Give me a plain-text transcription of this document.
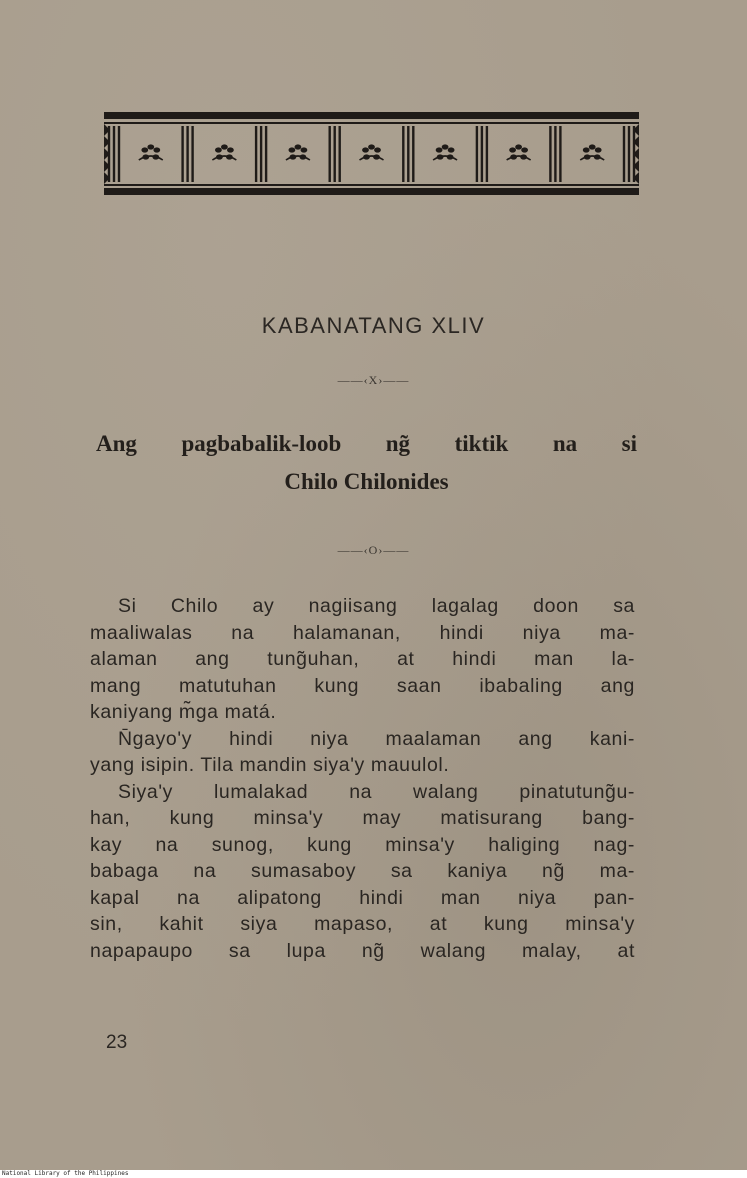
KABANATANG XLIV
——‹X›——
Ang pagbabalik-loob ng̃ tiktik na si
Chilo Chilonides
——‹O›——
Si Chilo ay nagiisang lagalag doon sa
maaliwalas na halamanan, hindi niya ma-
alaman ang tung̃uhan, at hindi man la-
mang matutuhan kung saan ibabaling ang
kaniyang m̃ga matá.
N̄gayo'y hindi niya maalaman ang kani-
yang isipin. Tila mandin siya'y mauulol.
Siya'y lumalakad na walang pinatutung̃u-
han, kung minsa'y may matisurang bang-
kay na sunog, kung minsa'y haliging nag-
babaga na sumasaboy sa kaniya ng̃ ma-
kapal na alipatong hindi man niya pan-
sin, kahit siya mapaso, at kung minsa'y
napapaupo sa lupa ng̃ walang malay, at
23
National Library of the Philippines
